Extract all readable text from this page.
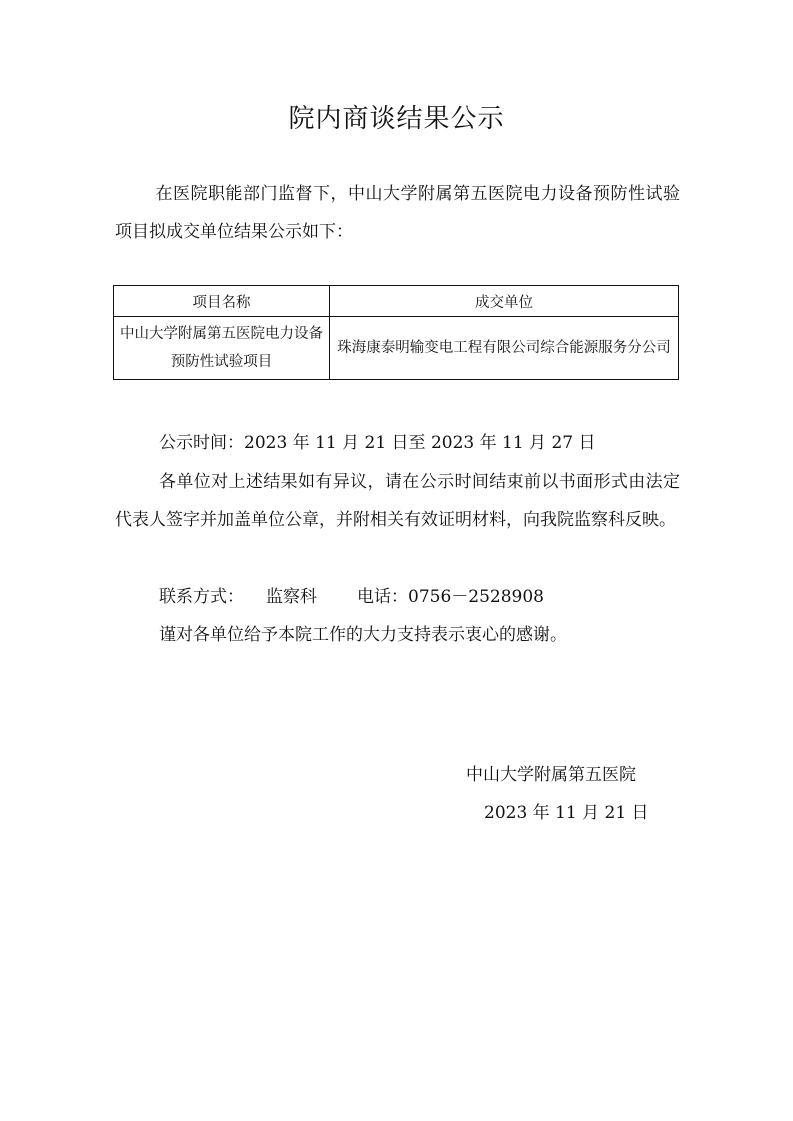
院内商谈结果公示
在医院职能部门监督下，中山大学附属第五医院电力设备预防性试验项目拟成交单位结果公示如下：
项目名称	成交单位
中山大学附属第五医院电力设备预防性试验项目	珠海康泰明输变电工程有限公司综合能源服务分公司
公示时间：2023 年 11 月 21 日至 2023 年 11 月 27 日
各单位对上述结果如有异议，请在公示时间结束前以书面形式由法定代表人签字并加盖单位公章，并附相关有效证明材料，向我院监察科反映。
联系方式： 监察科 电话：0756－2528908
谨对各单位给予本院工作的大力支持表示衷心的感谢。
中山大学附属第五医院
2023 年 11 月 21 日
